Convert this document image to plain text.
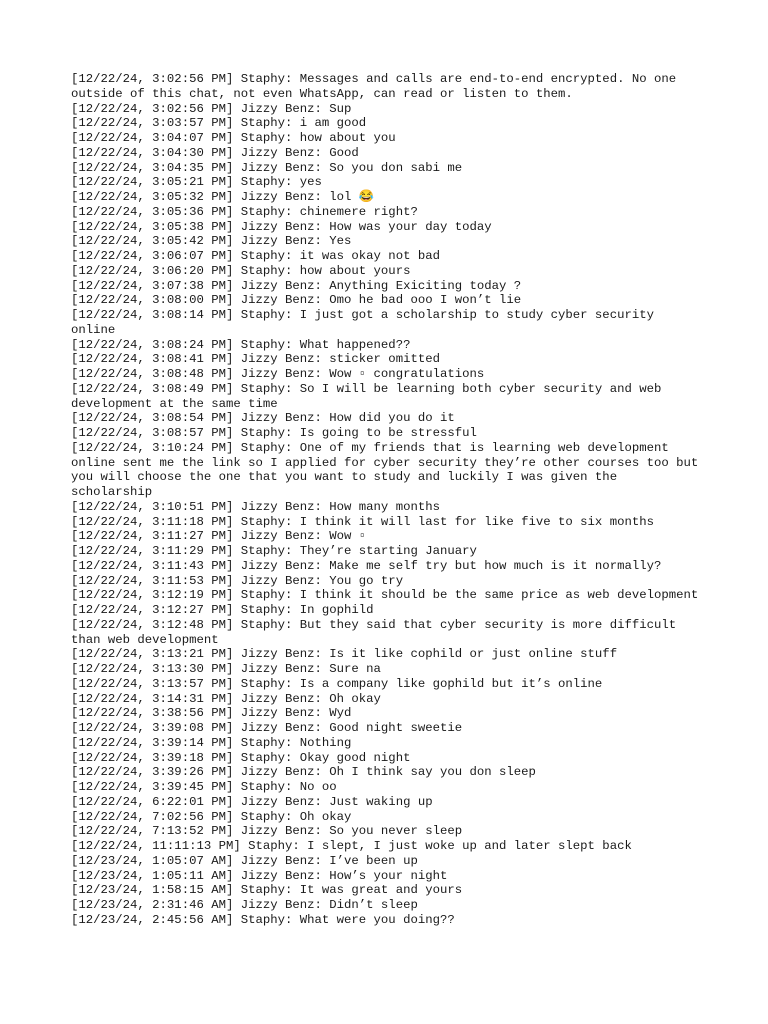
[12/22/24, 3:02:56 PM] Staphy: Messages and calls are end-to-end encrypted. No one outside of this chat, not even WhatsApp, can read or listen to them.

[12/22/24, 3:02:56 PM] Jizzy Benz: Sup

[12/22/24, 3:03:57 PM] Staphy: i am good

[12/22/24, 3:04:07 PM] Staphy: how about you

[12/22/24, 3:04:30 PM] Jizzy Benz: Good

[12/22/24, 3:04:35 PM] Jizzy Benz: So you don sabi me

[12/22/24, 3:05:21 PM] Staphy: yes

[12/22/24, 3:05:32 PM] Jizzy Benz: lol 😂

[12/22/24, 3:05:36 PM] Staphy: chinemere right?

[12/22/24, 3:05:38 PM] Jizzy Benz: How was your day today

[12/22/24, 3:05:42 PM] Jizzy Benz: Yes

[12/22/24, 3:06:07 PM] Staphy: it was okay not bad

[12/22/24, 3:06:20 PM] Staphy: how about yours

[12/22/24, 3:07:38 PM] Jizzy Benz: Anything Exiciting today ?

[12/22/24, 3:08:00 PM] Jizzy Benz: Omo he bad ooo I won’t lie

[12/22/24, 3:08:14 PM] Staphy: I just got a scholarship to study cyber security online

[12/22/24, 3:08:24 PM] Staphy: What happened??

[12/22/24, 3:08:41 PM] Jizzy Benz: sticker omitted

[12/22/24, 3:08:48 PM] Jizzy Benz: Wow ▫ congratulations

[12/22/24, 3:08:49 PM] Staphy: So I will be learning both cyber security and web development at the same time

[12/22/24, 3:08:54 PM] Jizzy Benz: How did you do it

[12/22/24, 3:08:57 PM] Staphy: Is going to be stressful

[12/22/24, 3:10:24 PM] Staphy: One of my friends that is learning web development online sent me the link so I applied for cyber security they’re other courses too but you will choose the one that you want to study and luckily I was given the scholarship

[12/22/24, 3:10:51 PM] Jizzy Benz: How many months

[12/22/24, 3:11:18 PM] Staphy: I think it will last for like five to six months

[12/22/24, 3:11:27 PM] Jizzy Benz: Wow ▫

[12/22/24, 3:11:29 PM] Staphy: They’re starting January

[12/22/24, 3:11:43 PM] Jizzy Benz: Make me self try but how much is it normally?

[12/22/24, 3:11:53 PM] Jizzy Benz: You go try

[12/22/24, 3:12:19 PM] Staphy: I think it should be the same price as web development

[12/22/24, 3:12:27 PM] Staphy: In gophild

[12/22/24, 3:12:48 PM] Staphy: But they said that cyber security is more difficult than web development

[12/22/24, 3:13:21 PM] Jizzy Benz: Is it like cophild or just online stuff

[12/22/24, 3:13:30 PM] Jizzy Benz: Sure na

[12/22/24, 3:13:57 PM] Staphy: Is a company like gophild but it’s online

[12/22/24, 3:14:31 PM] Jizzy Benz: Oh okay

[12/22/24, 3:38:56 PM] Jizzy Benz: Wyd

[12/22/24, 3:39:08 PM] Jizzy Benz: Good night sweetie

[12/22/24, 3:39:14 PM] Staphy: Nothing

[12/22/24, 3:39:18 PM] Staphy: Okay good night

[12/22/24, 3:39:26 PM] Jizzy Benz: Oh I think say you don sleep

[12/22/24, 3:39:45 PM] Staphy: No oo

[12/22/24, 6:22:01 PM] Jizzy Benz: Just waking up

[12/22/24, 7:02:56 PM] Staphy: Oh okay

[12/22/24, 7:13:52 PM] Jizzy Benz: So you never sleep

[12/22/24, 11:11:13 PM] Staphy: I slept, I just woke up and later slept back

[12/23/24, 1:05:07 AM] Jizzy Benz: I’ve been up

[12/23/24, 1:05:11 AM] Jizzy Benz: How’s your night

[12/23/24, 1:58:15 AM] Staphy: It was great and yours

[12/23/24, 2:31:46 AM] Jizzy Benz: Didn’t sleep

[12/23/24, 2:45:56 AM] Staphy: What were you doing??
